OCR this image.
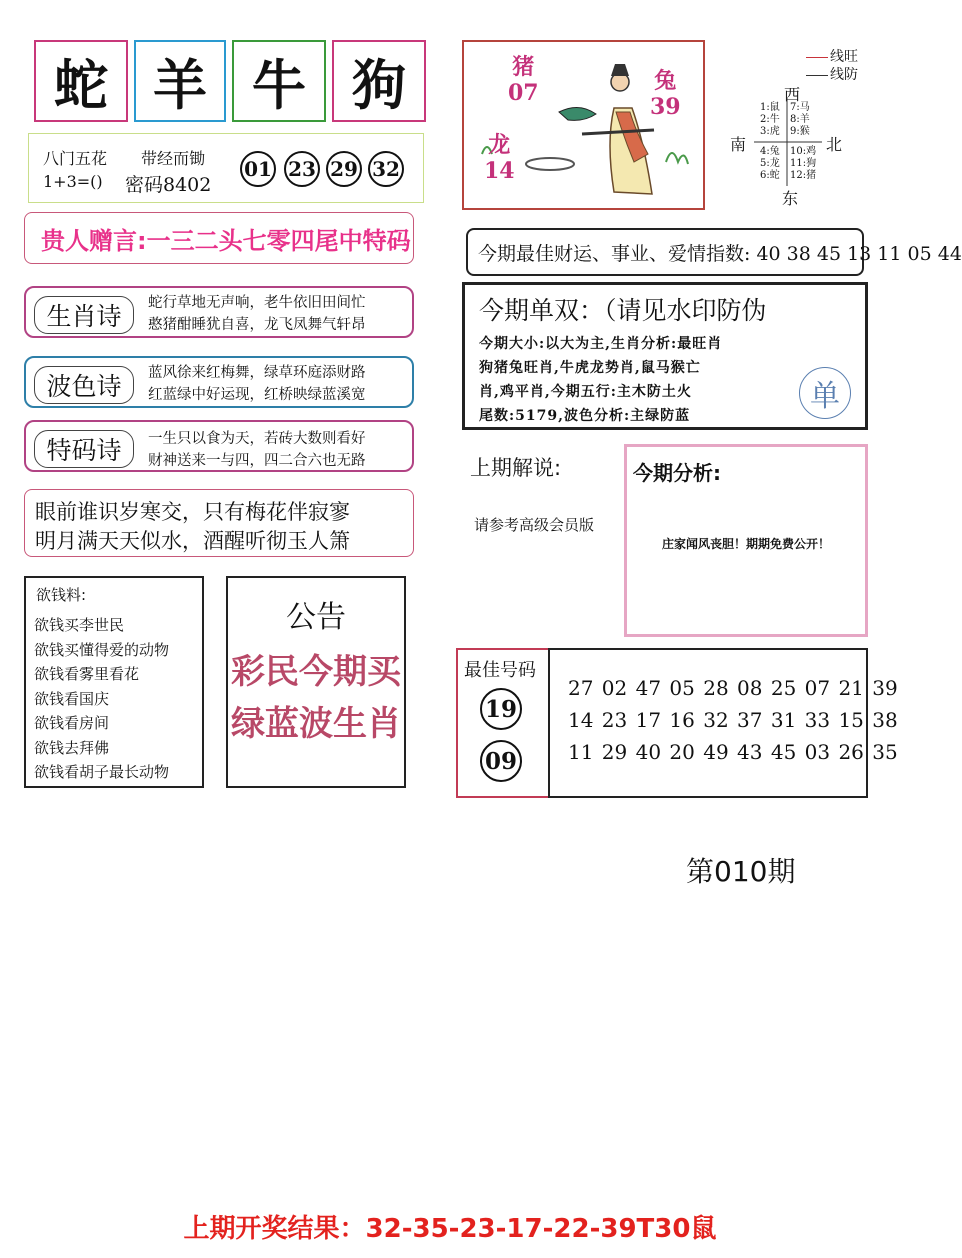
蛇 羊 牛 狗
八门五花 带经而锄
1+3=() 密码8402
01 23 29 32
贵人赠言:一三二头七零四尾中特码
生肖诗	蛇行草地无声响，老牛依旧田间忙
憨猪酣睡犹自喜，龙飞凤舞气轩昂
波色诗	蓝风徐来红梅舞，绿草环庭添财路
红蓝绿中好运现，红桥映绿蓝溪宽
特码诗	一生只以食为天，若砖大数则看好
财神送来一与四，四二合六也无路
眼前谁识岁寒交，只有梅花伴寂寥
明月满天天似水，酒醒听彻玉人箫
欲钱料:
欲钱买李世民
欲钱买懂得爱的动物
欲钱看雾里看花
欲钱看国庆
欲钱看房间
欲钱去拜佛
欲钱看胡子最长动物
公告
彩民今期买
绿蓝波生肖
猪
07	兔
39
龙
14
线旺
线防
西
南	北
东
1:鼠
2:牛
3:虎
7:马
8:羊
9:猴
4:兔
5:龙
6:蛇
10:鸡
11:狗
12:猪
今期最佳财运、事业、爱情指数: 40 38 45 13 11 05 44
今期单双：（请见水印防伪
今期大小:以大为主,生肖分析:最旺肖
狗猪兔旺肖,牛虎龙势肖,鼠马猴亡
肖,鸡平肖,今期五行:主木防土火
尾数:5179,波色分析:主绿防蓝
单
上期解说:
请参考高级会员版
今期分析:
庄家闻风丧胆！期期免费公开！
最佳号码
19
09
27 02 47 05 28 08 25 07 21 39
14 23 17 16 32 37 31 33 15 38
11 29 40 20 49 43 45 03 26 35
第010期
上期开奖结果：32-35-23-17-22-39T30鼠
